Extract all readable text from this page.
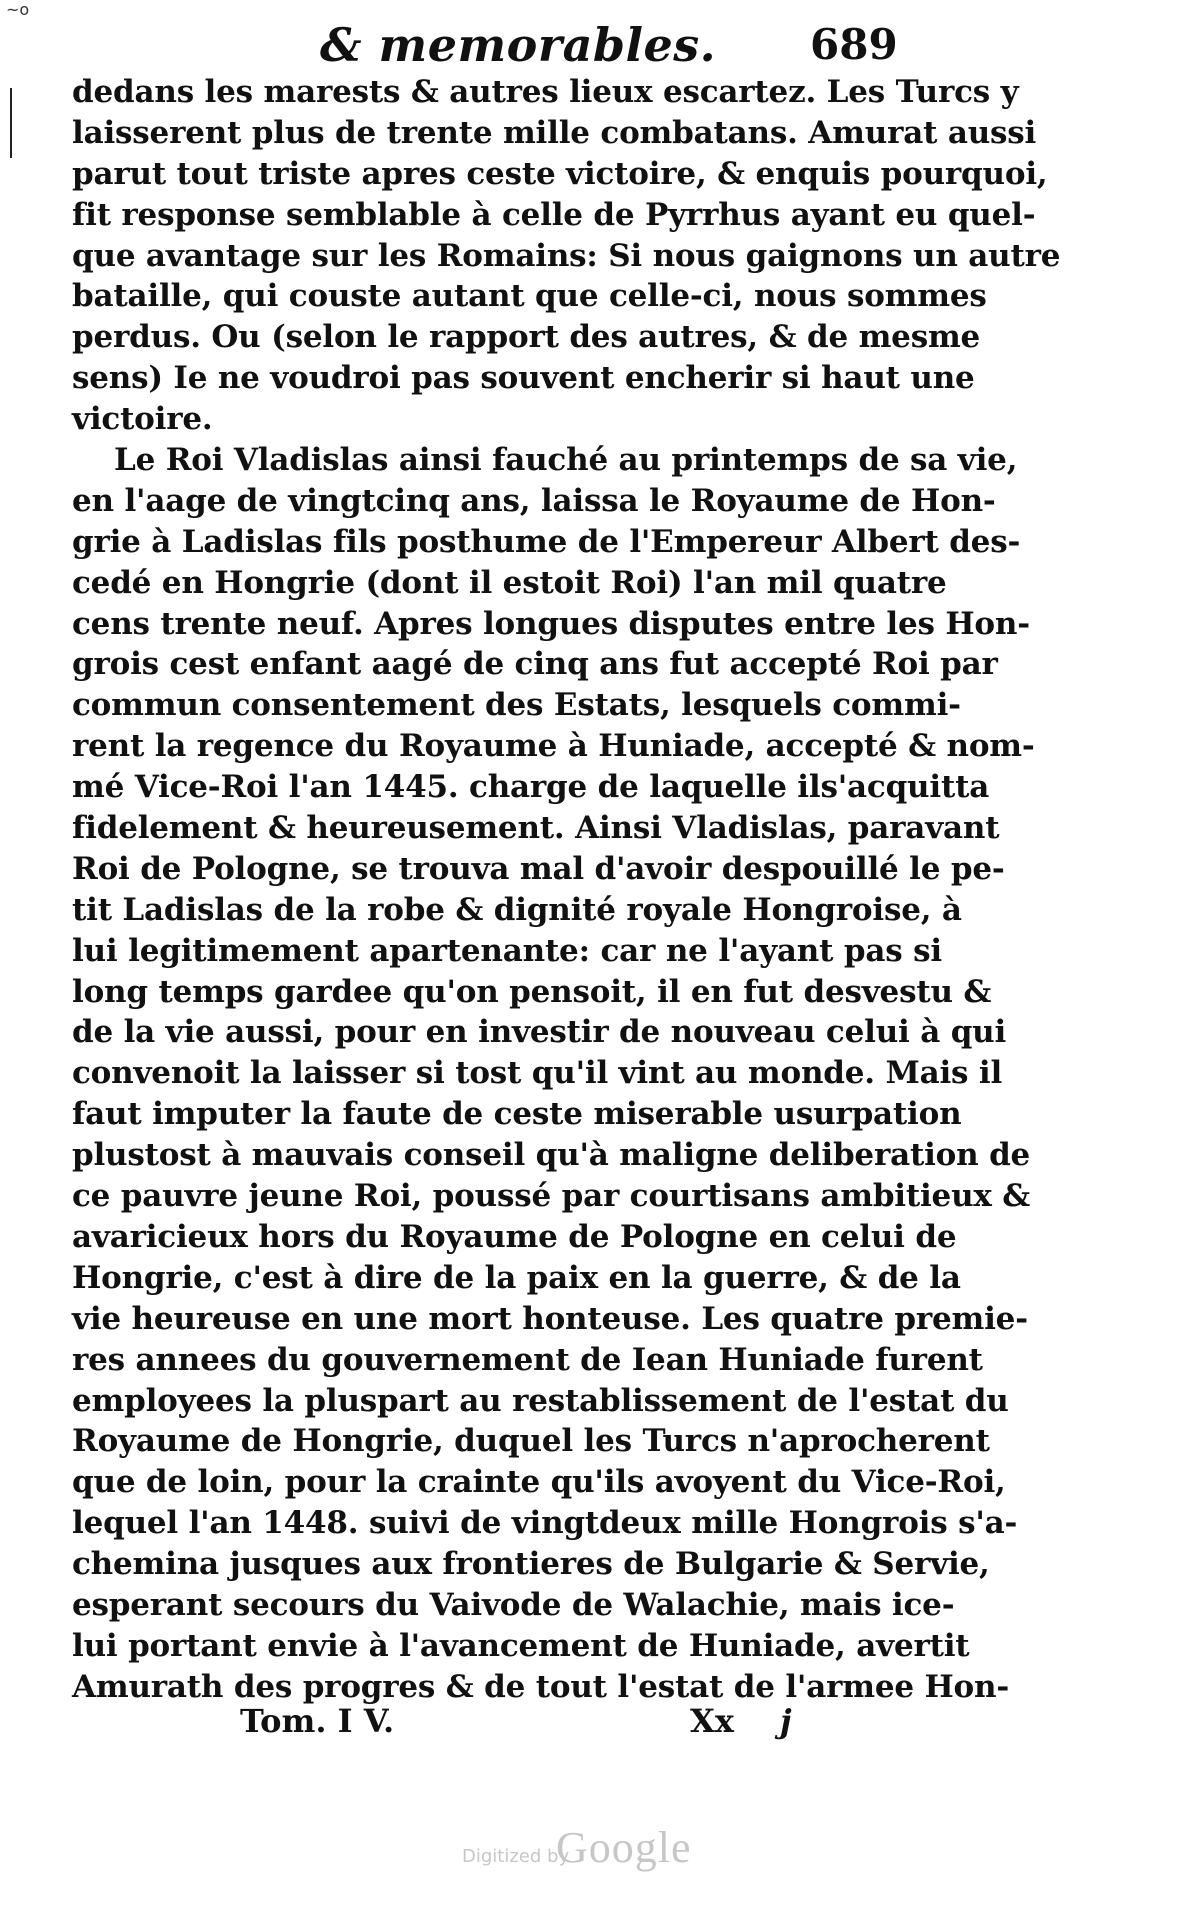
~o
& memorables. 689
dedans les marests & autres lieux escartez. Les Turcs y
laisserent plus de trente mille combatans. Amurat aussi
parut tout triste apres ceste victoire, & enquis pourquoi,
fit response semblable à celle de Pyrrhus ayant eu quel-
que avantage sur les Romains: Si nous gaignons un autre
bataille, qui couste autant que celle-ci, nous sommes
perdus. Ou (selon le rapport des autres, & de mesme
sens) Ie ne voudroi pas souvent encherir si haut une
victoire.
Le Roi Vladislas ainsi fauché au printemps de sa vie,
en l'aage de vingtcinq ans, laissa le Royaume de Hon-
grie à Ladislas fils posthume de l'Empereur Albert des-
cedé en Hongrie (dont il estoit Roi) l'an mil quatre
cens trente neuf. Apres longues disputes entre les Hon-
grois cest enfant aagé de cinq ans fut accepté Roi par
commun consentement des Estats, lesquels commi-
rent la regence du Royaume à Huniade, accepté & nom-
mé Vice-Roi l'an 1445. charge de laquelle ils'acquitta
fidelement & heureusement. Ainsi Vladislas, paravant
Roi de Pologne, se trouva mal d'avoir despouillé le pe-
tit Ladislas de la robe & dignité royale Hongroise, à
lui legitimement apartenante: car ne l'ayant pas si
long temps gardee qu'on pensoit, il en fut desvestu &
de la vie aussi, pour en investir de nouveau celui à qui
convenoit la laisser si tost qu'il vint au monde. Mais il
faut imputer la faute de ceste miserable usurpation
plustost à mauvais conseil qu'à maligne deliberation de
ce pauvre jeune Roi, poussé par courtisans ambitieux &
avaricieux hors du Royaume de Pologne en celui de
Hongrie, c'est à dire de la paix en la guerre, & de la
vie heureuse en une mort honteuse. Les quatre premie-
res annees du gouvernement de Iean Huniade furent
employees la pluspart au restablissement de l'estat du
Royaume de Hongrie, duquel les Turcs n'aprocherent
que de loin, pour la crainte qu'ils avoyent du Vice-Roi,
lequel l'an 1448. suivi de vingtdeux mille Hongrois s'a-
chemina jusques aux frontieres de Bulgarie & Servie,
esperant secours du Vaivode de Walachie, mais ice-
lui portant envie à l'avancement de Huniade, avertit
Amurath des progres & de tout l'estat de l'armee Hon-
Tom. I V.	Xx j
Digitized by
Google
